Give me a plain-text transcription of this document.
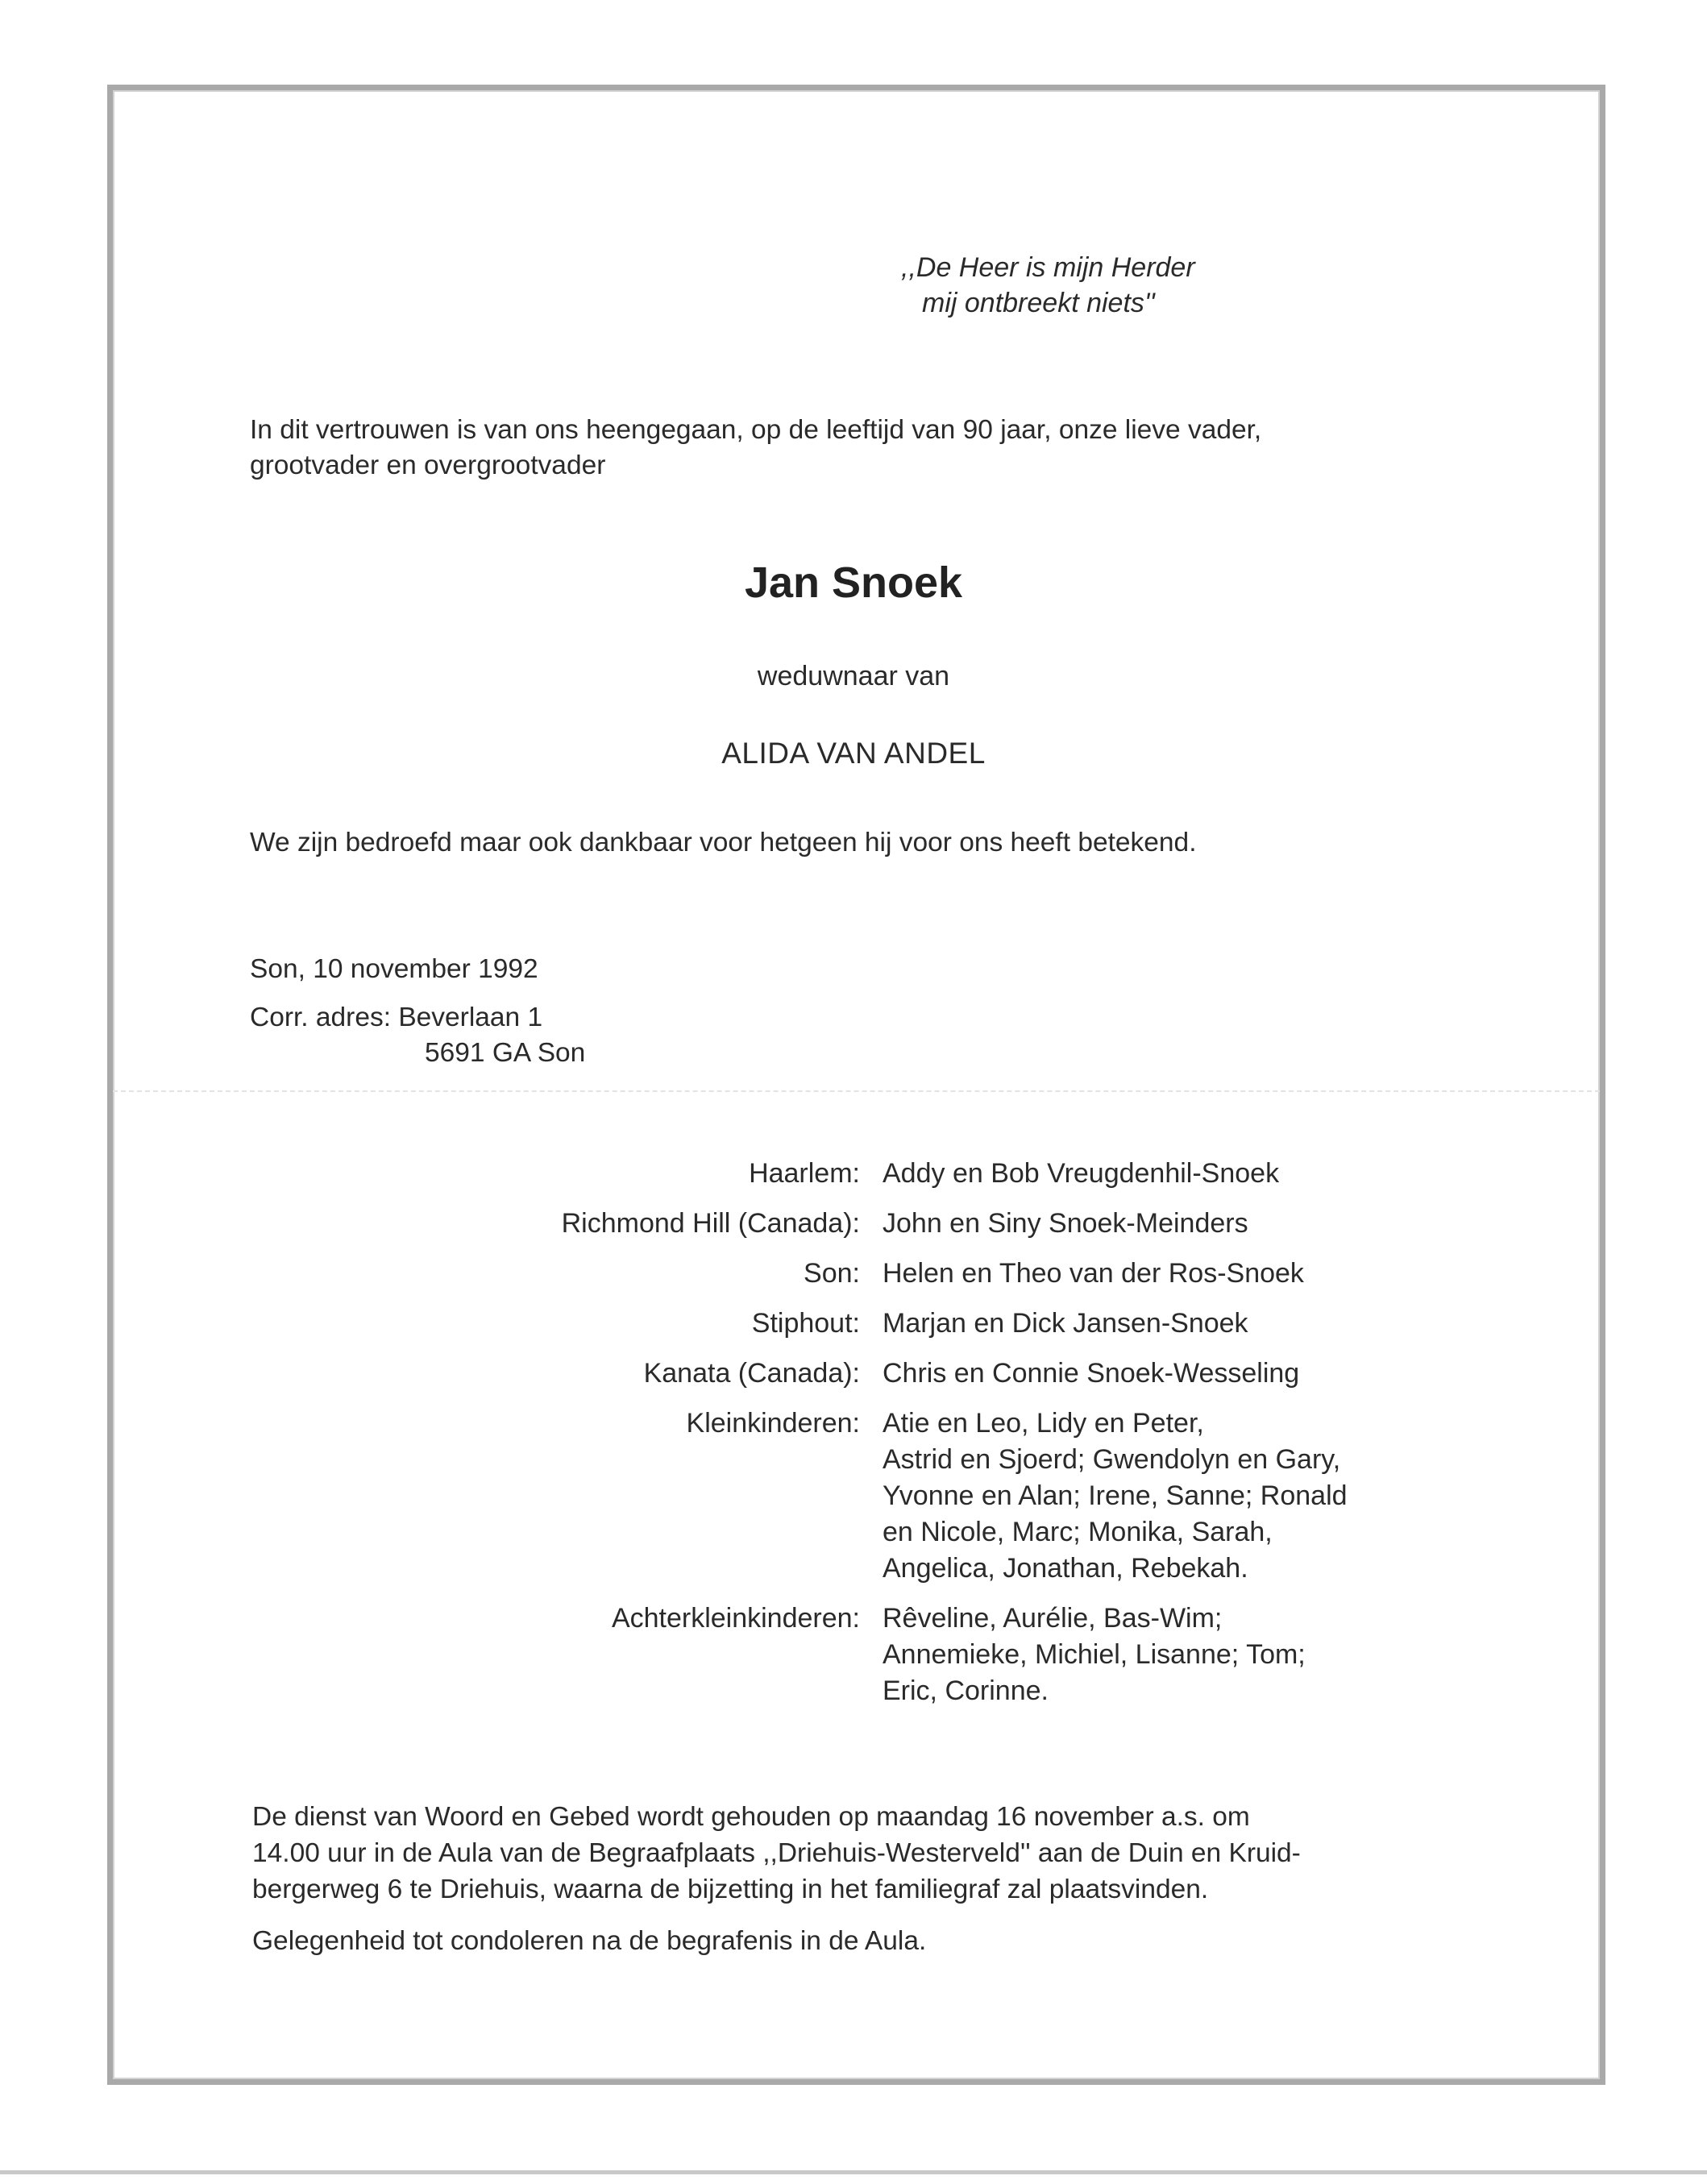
,,De Heer is mijn Herder
mij ontbreekt niets''
In dit vertrouwen is van ons heengegaan, op de leeftijd van 90 jaar, onze lieve vader,
grootvader en overgrootvader
Jan Snoek
weduwnaar van
ALIDA VAN ANDEL
We zijn bedroefd maar ook dankbaar voor hetgeen hij voor ons heeft betekend.
Son, 10 november 1992
Corr. adres: Beverlaan 1
5691 GA Son
Haarlem: Addy en Bob Vreugdenhil-Snoek
Richmond Hill (Canada): John en Siny Snoek-Meinders
Son: Helen en Theo van der Ros-Snoek
Stiphout: Marjan en Dick Jansen-Snoek
Kanata (Canada): Chris en Connie Snoek-Wesseling
Kleinkinderen: Atie en Leo, Lidy en Peter,
Astrid en Sjoerd; Gwendolyn en Gary,
Yvonne en Alan; Irene, Sanne; Ronald
en Nicole, Marc; Monika, Sarah,
Angelica, Jonathan, Rebekah.
Achterkleinkinderen: Rêveline, Aurélie, Bas-Wim;
Annemieke, Michiel, Lisanne; Tom;
Eric, Corinne.
De dienst van Woord en Gebed wordt gehouden op maandag 16 november a.s. om
14.00 uur in de Aula van de Begraafplaats ,,Driehuis-Westerveld'' aan de Duin en Kruid-
bergerweg 6 te Driehuis, waarna de bijzetting in het familiegraf zal plaatsvinden.
Gelegenheid tot condoleren na de begrafenis in de Aula.
